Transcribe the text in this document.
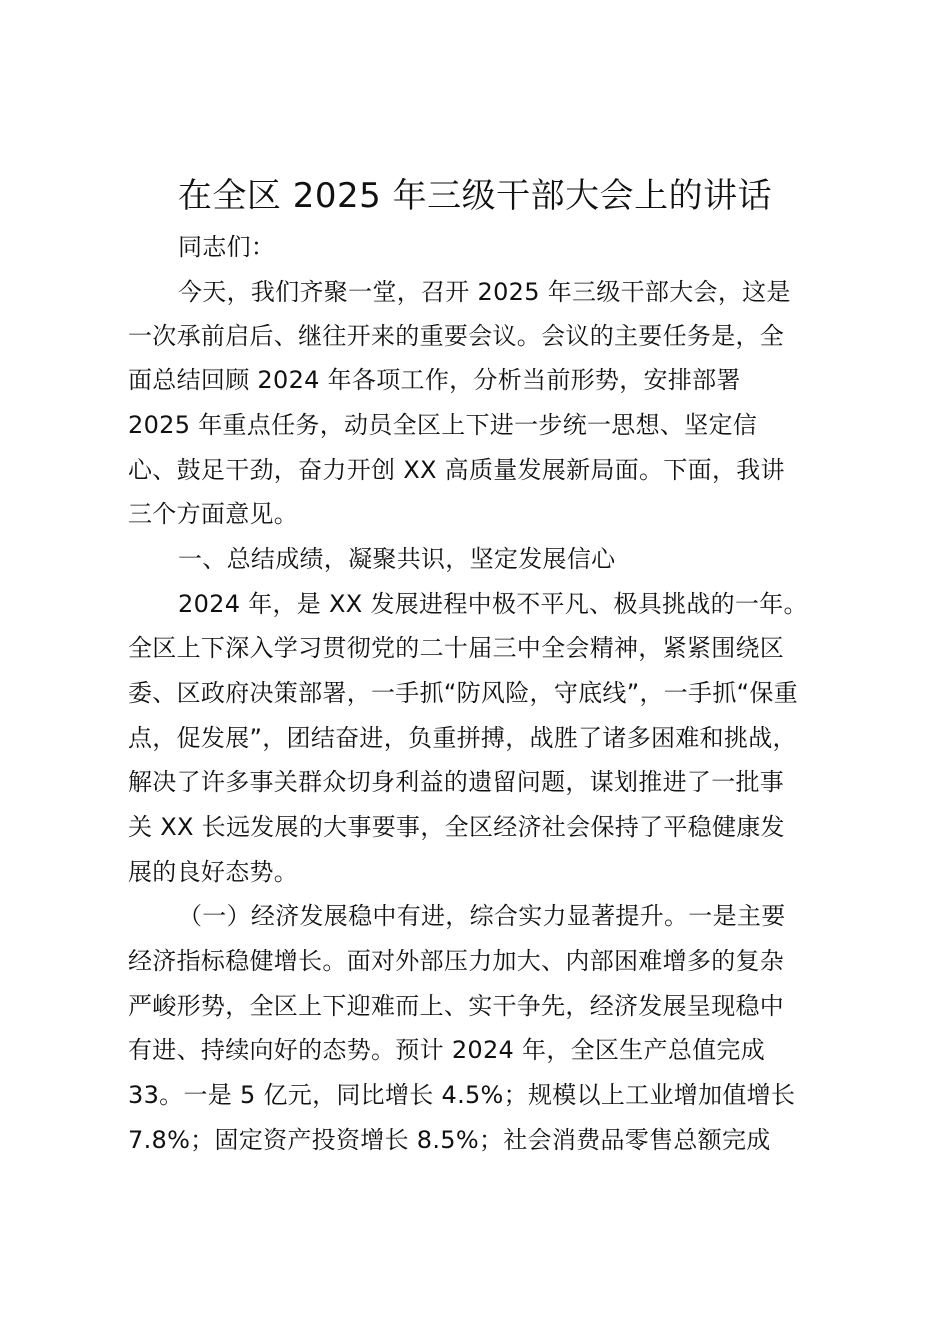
在全区 2025 年三级干部大会上的讲话
同志们：
今天，我们齐聚一堂，召开 2025 年三级干部大会，这是
一次承前启后、继往开来的重要会议。会议的主要任务是，全
面总结回顾 2024 年各项工作，分析当前形势，安排部署
2025 年重点任务，动员全区上下进一步统一思想、坚定信
心、鼓足干劲，奋力开创 XX 高质量发展新局面。下面，我讲
三个方面意见。
一、总结成绩，凝聚共识，坚定发展信心
2024 年，是 XX 发展进程中极不平凡、极具挑战的一年。
全区上下深入学习贯彻党的二十届三中全会精神，紧紧围绕区
委、区政府决策部署，一手抓“防风险，守底线”，一手抓“保重
点，促发展”，团结奋进，负重拼搏，战胜了诸多困难和挑战，
解决了许多事关群众切身利益的遗留问题，谋划推进了一批事
关 XX 长远发展的大事要事，全区经济社会保持了平稳健康发
展的良好态势。
（一）经济发展稳中有进，综合实力显著提升。一是主要
经济指标稳健增长。面对外部压力加大、内部困难增多的复杂
严峻形势，全区上下迎难而上、实干争先，经济发展呈现稳中
有进、持续向好的态势。预计 2024 年，全区生产总值完成
33。一是 5 亿元，同比增长 4.5%；规模以上工业增加值增长
7.8%；固定资产投资增长 8.5%；社会消费品零售总额完成
